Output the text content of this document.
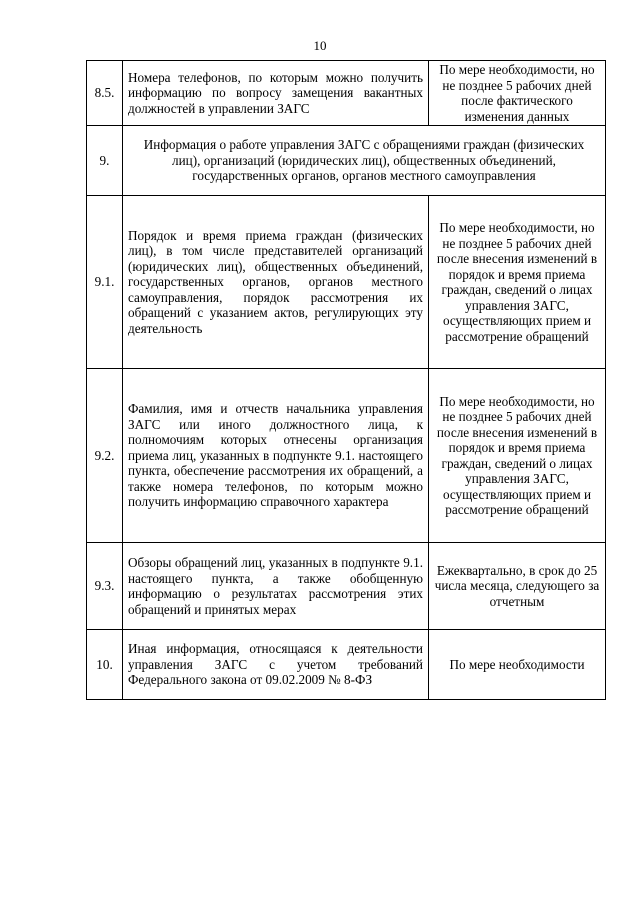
10
8.5.	Номера телефонов, по которым можно получить информацию по вопросу замещения вакантных должностей в управлении ЗАГС	По мере необходимости, но не позднее 5 рабочих дней после фактического изменения данных
9.	Информация о работе управления ЗАГС с обращениями граждан (физических лиц), организаций (юридических лиц), общественных объединений, государственных органов, органов местного самоуправления	
9.1.	Порядок и время приема граждан (физических лиц), в том числе представителей организаций (юридических лиц), общественных объединений, государственных органов, органов местного самоуправления, порядок рассмотрения их обращений с указанием актов, регулирующих эту деятельность	По мере необходимости, но не позднее 5 рабочих дней после внесения изменений в порядок и время приема граждан, сведений о лицах управления ЗАГС, осуществляющих прием и рассмотрение обращений
9.2.	Фамилия, имя и отчеств начальника управления ЗАГС или иного должностного лица, к полномочиям которых отнесены организация приема лиц, указанных в подпункте 9.1. настоящего пункта, обеспечение рассмотрения их обращений, а также номера телефонов, по которым можно получить информацию справочного характера	По мере необходимости, но не позднее 5 рабочих дней после внесения изменений в порядок и время приема граждан, сведений о лицах управления ЗАГС, осуществляющих прием и рассмотрение обращений
9.3.	Обзоры обращений лиц, указанных в подпункте 9.1. настоящего пункта, а также обобщенную информацию о результатах рассмотрения этих обращений и принятых мерах	Ежеквартально, в срок до 25 числа месяца, следующего за отчетным
10.	Иная информация, относящаяся к деятельности управления ЗАГС с учетом требований Федерального закона от 09.02.2009 № 8-ФЗ	По мере необходимости
